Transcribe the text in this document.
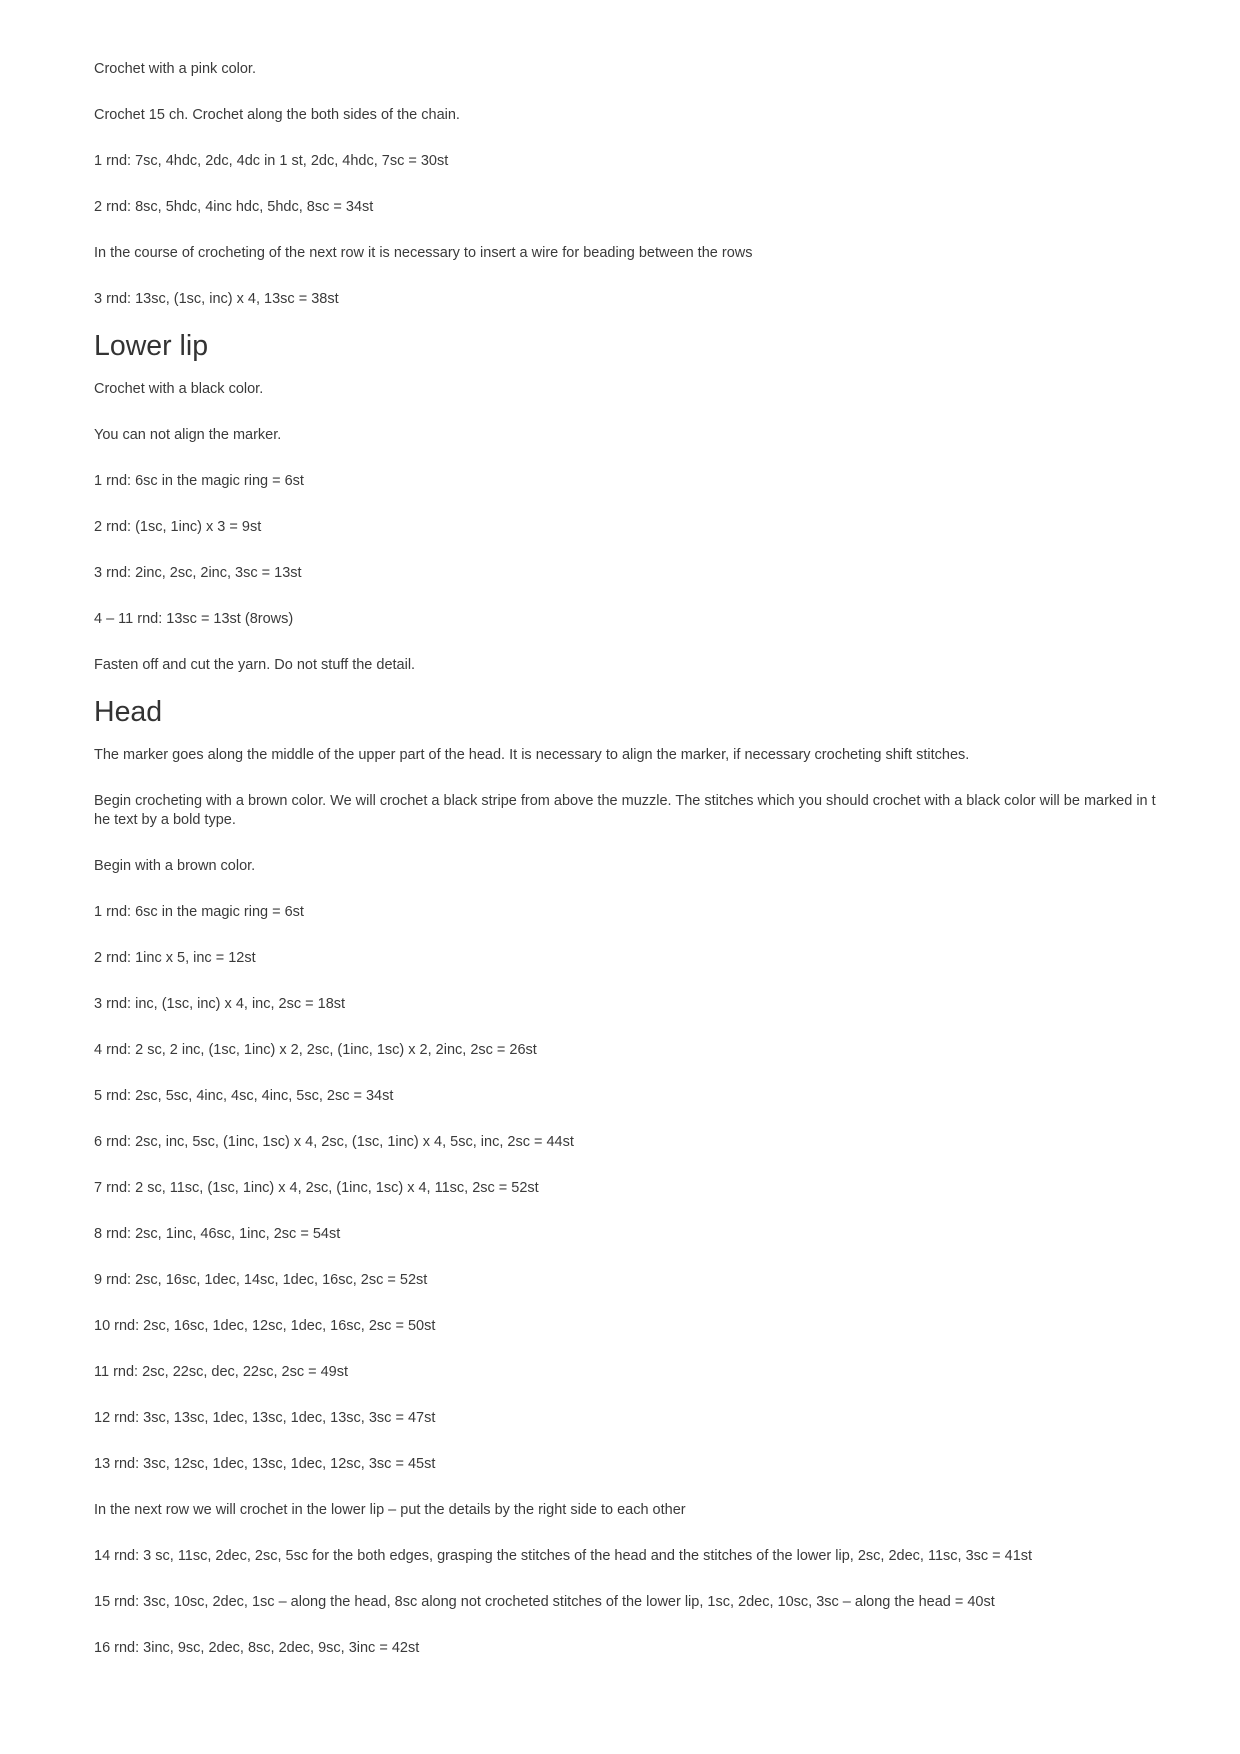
Crochet with a pink color.

Crochet 15 ch. Crochet along the both sides of the chain.

1 rnd: 7sc, 4hdc, 2dc, 4dc in 1 st, 2dc, 4hdc, 7sc = 30st

2 rnd: 8sc, 5hdc, 4inc hdc, 5hdc, 8sc = 34st

In the course of crocheting of the next row it is necessary to insert a wire for beading between the rows

3 rnd: 13sc, (1sc, inc) x 4, 13sc = 38st

Lower lip

Crochet with a black color.

You can not align the marker.

1 rnd: 6sc in the magic ring = 6st

2 rnd: (1sc, 1inc) x 3 = 9st

3 rnd: 2inc, 2sc, 2inc, 3sc = 13st

4 – 11 rnd: 13sc = 13st (8rows)

Fasten off and cut the yarn. Do not stuff the detail.

Head

The marker goes along the middle of the upper part of the head. It is necessary to align the marker, if necessary crocheting shift stitches.

Begin crocheting with a brown color. We will crochet a black stripe from above the muzzle. The stitches which you should crochet with a black color will be marked in the text by a bold type.

Begin with a brown color.

1 rnd: 6sc in the magic ring = 6st

2 rnd: 1inc x 5, inc = 12st

3 rnd: inc, (1sc, inc) x 4, inc, 2sc = 18st

4 rnd: 2 sc, 2 inc, (1sc, 1inc) x 2, 2sc, (1inc, 1sc) x 2, 2inc, 2sc = 26st

5 rnd: 2sc, 5sc, 4inc, 4sc, 4inc, 5sc, 2sc = 34st

6 rnd: 2sc, inc, 5sc, (1inc, 1sc) x 4, 2sc, (1sc, 1inc) x 4, 5sc, inc, 2sc = 44st

7 rnd: 2 sc, 11sc, (1sc, 1inc) x 4, 2sc, (1inc, 1sc) x 4, 11sc, 2sc = 52st

8 rnd: 2sc, 1inc, 46sc, 1inc, 2sc = 54st

9 rnd: 2sc, 16sc, 1dec, 14sc, 1dec, 16sc, 2sc = 52st

10 rnd: 2sc, 16sc, 1dec, 12sc, 1dec, 16sc, 2sc = 50st

11 rnd: 2sc, 22sc, dec, 22sc, 2sc = 49st

12 rnd: 3sc, 13sc, 1dec, 13sc, 1dec, 13sc, 3sc = 47st

13 rnd: 3sc, 12sc, 1dec, 13sc, 1dec, 12sc, 3sc = 45st

In the next row we will crochet in the lower lip – put the details by the right side to each other

14 rnd: 3 sc, 11sc, 2dec, 2sc, 5sc for the both edges, grasping the stitches of the head and the stitches of the lower lip, 2sc, 2dec, 11sc, 3sc = 41st

15 rnd: 3sc, 10sc, 2dec, 1sc – along the head, 8sc along not crocheted stitches of the lower lip, 1sc, 2dec, 10sc, 3sc – along the head = 40st

16 rnd: 3inc, 9sc, 2dec, 8sc, 2dec, 9sc, 3inc = 42st
